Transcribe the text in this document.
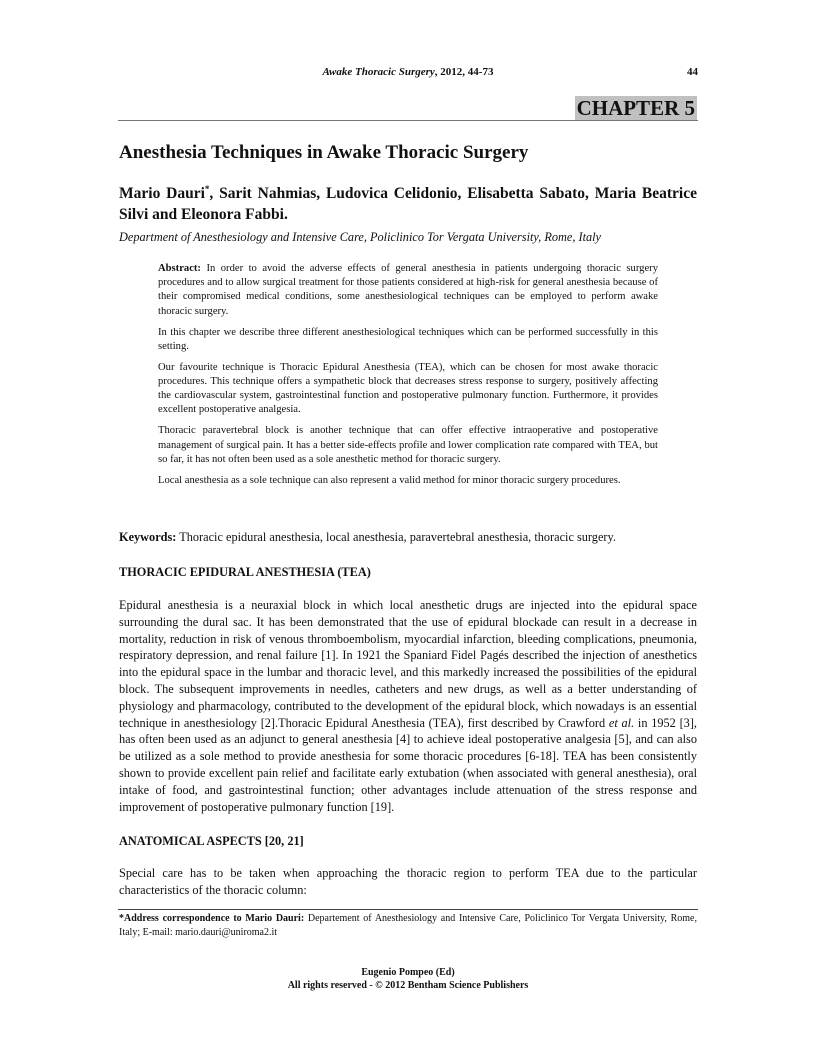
Awake Thoracic Surgery, 2012, 44-73	44
CHAPTER 5
Anesthesia Techniques in Awake Thoracic Surgery
Mario Dauri*, Sarit Nahmias, Ludovica Celidonio, Elisabetta Sabato, Maria Beatrice Silvi and Eleonora Fabbi.
Department of Anesthesiology and Intensive Care, Policlinico Tor Vergata University, Rome, Italy

Abstract: In order to avoid the adverse effects of general anesthesia in patients undergoing thoracic surgery procedures and to allow surgical treatment for those patients considered at high-risk for general anesthesia because of their compromised medical conditions, some anesthesiological techniques can be employed to perform awake thoracic surgery.

In this chapter we describe three different anesthesiological techniques which can be performed successfully in this setting.

Our favourite technique is Thoracic Epidural Anesthesia (TEA), which can be chosen for most awake thoracic procedures. This technique offers a sympathetic block that decreases stress response to surgery, positively affecting the cardiovascular system, gastrointestinal function and postoperative pulmonary function. Furthermore, it provides excellent postoperative analgesia.

Thoracic paravertebral block is another technique that can offer effective intraoperative and postoperative management of surgical pain. It has a better side-effects profile and lower complication rate compared with TEA, but so far, it has not often been used as a sole anesthetic method for thoracic surgery.

Local anesthesia as a sole technique can also represent a valid method for minor thoracic surgery procedures.

Keywords: Thoracic epidural anesthesia, local anesthesia, paravertebral anesthesia, thoracic surgery.
THORACIC EPIDURAL ANESTHESIA (TEA)

Epidural anesthesia is a neuraxial block in which local anesthetic drugs are injected into the epidural space surrounding the dural sac. It has been demonstrated that the use of epidural blockade can result in a decrease in mortality, reduction in risk of venous thromboembolism, myocardial infarction, bleeding complications, pneumonia, respiratory depression, and renal failure [1]. In 1921 the Spaniard Fidel Pagés described the injection of anesthetics into the epidural space in the lumbar and thoracic level, and this markedly increased the possibilities of the epidural block. The subsequent improvements in needles, catheters and new drugs, as well as a better understanding of physiology and pharmacology, contributed to the development of the epidural block, which nowadays is an essential technique in anesthesiology [2].Thoracic Epidural Anesthesia (TEA), first described by Crawford et al. in 1952 [3], has often been used as an adjunct to general anesthesia [4] to achieve ideal postoperative analgesia [5], and can also be utilized as a sole method to provide anesthesia for some thoracic procedures [6-18]. TEA has been consistently shown to provide excellent pain relief and facilitate early extubation (when associated with general anesthesia), oral intake of food, and gastrointestinal function; other advantages include attenuation of the stress response and improvement of postoperative pulmonary function [19].

ANATOMICAL ASPECTS [20, 21]

Special care has to be taken when approaching the thoracic region to perform TEA due to the particular characteristics of the thoracic column:

*Address correspondence to Mario Dauri: Departement of Anesthesiology and Intensive Care, Policlinico Tor Vergata University, Rome, Italy; E-mail: mario.dauri@uniroma2.it
Eugenio Pompeo (Ed)
All rights reserved - © 2012 Bentham Science Publishers
